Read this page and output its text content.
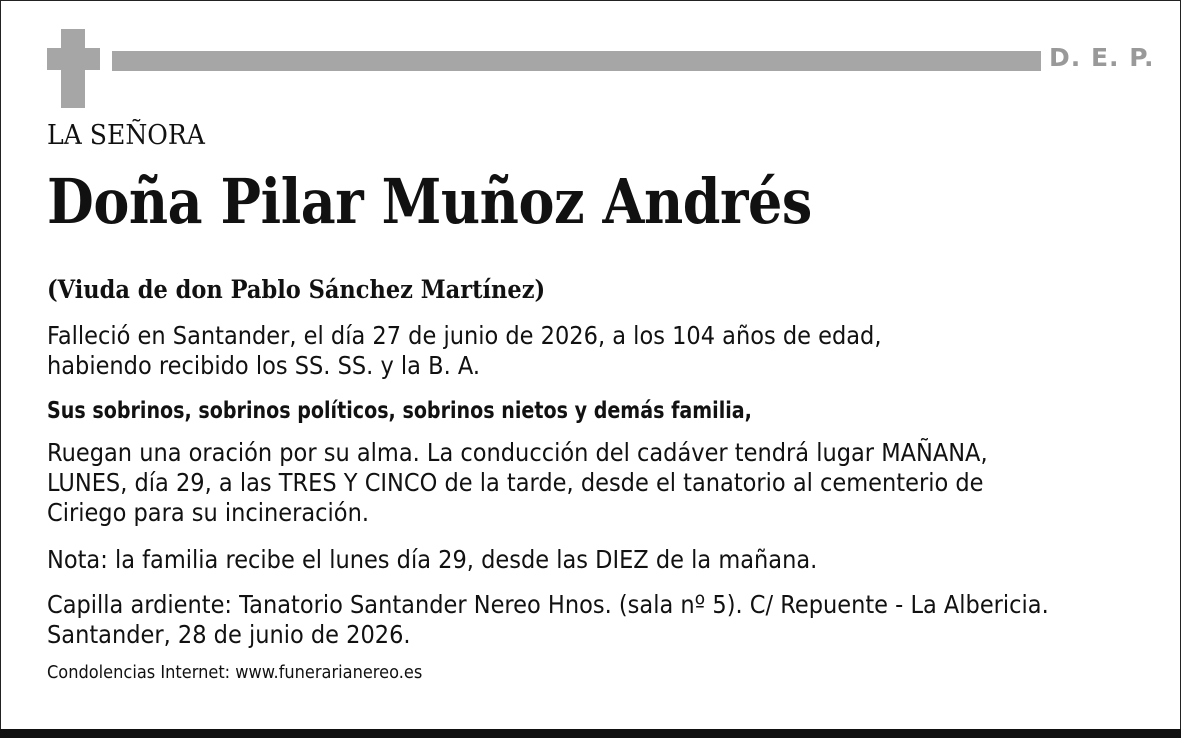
D. E. P.
LA SEÑORA
Doña Pilar Muñoz Andrés
(Viuda de don Pablo Sánchez Martínez)
Falleció en Santander, el día 27 de junio de 2026, a los 104 años de edad,
habiendo recibido los SS. SS. y la B. A.
Sus sobrinos, sobrinos políticos, sobrinos nietos y demás familia,
Ruegan una oración por su alma. La conducción del cadáver tendrá lugar MAÑANA,
LUNES, día 29, a las TRES Y CINCO de la tarde, desde el tanatorio al cementerio de
Ciriego para su incineración.
Nota: la familia recibe el lunes día 29, desde las DIEZ de la mañana.
Capilla ardiente: Tanatorio Santander Nereo Hnos. (sala nº 5). C/ Repuente - La Albericia.
Santander, 28 de junio de 2026.
Condolencias Internet: www.funerarianereo.es
